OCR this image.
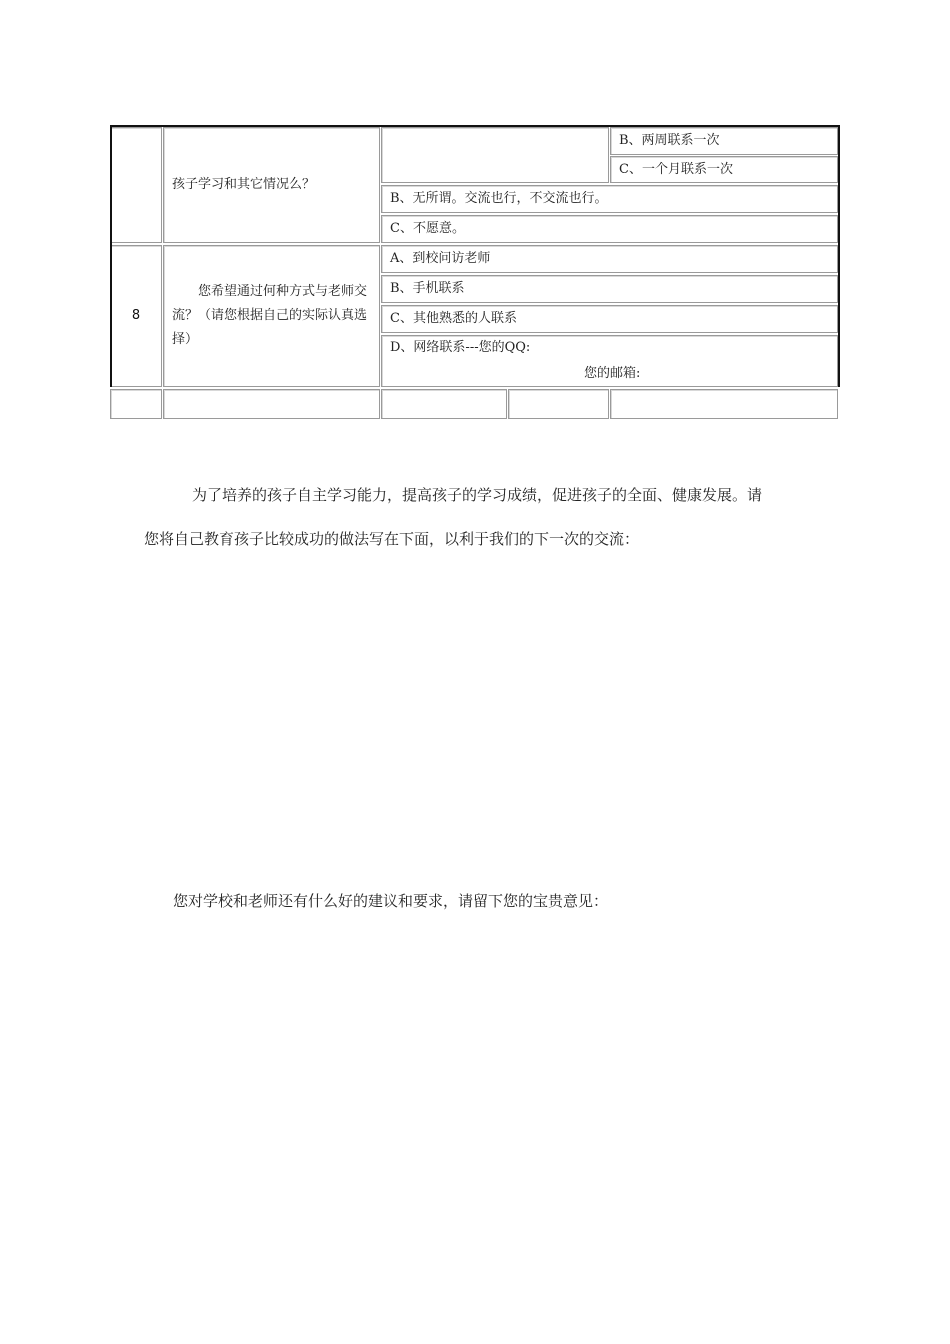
孩子学习和其它情况么？
B、两周联系一次
C、一个月联系一次
B、无所谓。交流也行，不交流也行。
C、不愿意。
8
您希望通过何种方式与老师交流？（请您根据自己的实际认真选择）
A、到校问访老师
B、手机联系
C、其他熟悉的人联系
D、网络联系---您的QQ:
您的邮箱:
为了培养的孩子自主学习能力，提高孩子的学习成绩，促进孩子的全面、健康发展。请
您将自己教育孩子比较成功的做法写在下面，以利于我们的下一次的交流：
您对学校和老师还有什么好的建议和要求，请留下您的宝贵意见：
